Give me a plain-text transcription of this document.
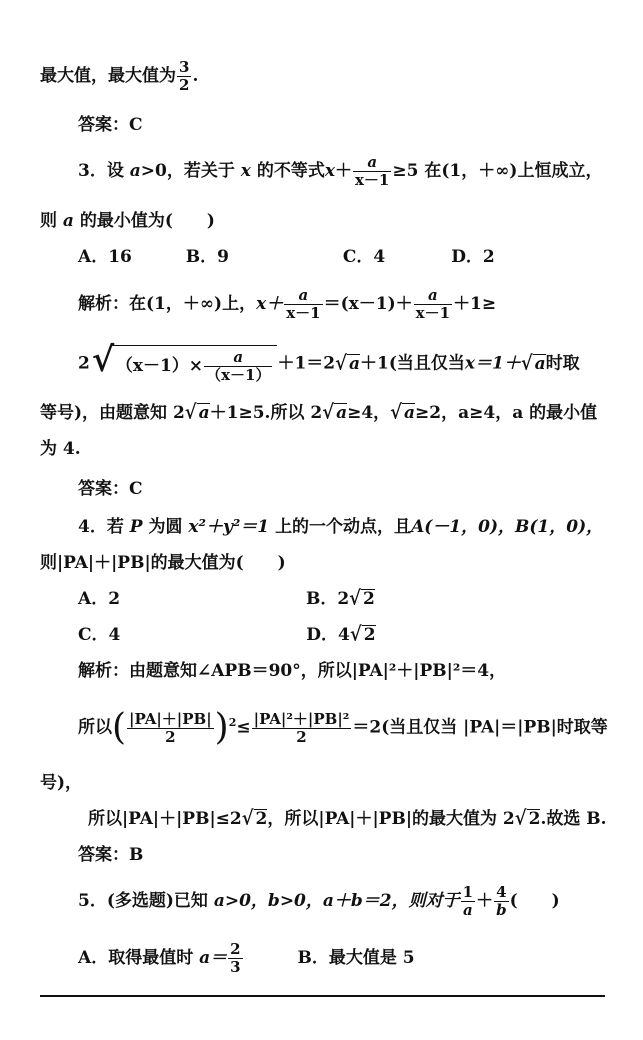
最大值，最大值为 $\frac{3}{2}$ .
答案：C
3．设 a>0，若关于 x 的不等式$x+ \frac{a}{x-1} \ge 5$ 在(1，＋∞)上恒成立，
则 a 的最小值为(　　)
A．16	B．9	C．4	D．2
解析：在(1，＋∞)上，$x+ \frac{a}{x-1} =(x-1)+ \frac{a}{x-1} +1\ge$
2√ $(x-1)\times \frac{a}{(x-1)} +1=2√$ a＋1(当且仅当x＝1＋√ a时取
等号)，由题意知 2√ a＋1≥5.所以 2√ a≥4，√ a≥2，a≥4，a 的最小值
为 4.
答案：C
4．若 P 为圆 x²＋y²＝1 上的一个动点，且A(－1，0)，B(1，0)，
则|PA|＋|PB|的最大值为(　　)
A．2	B．2√ 2
C．4	D．4√ 2
解析：由题意知∠APB＝90°，所以|PA|²＋|PB|²＝4，
所以( $\frac{|PA|+|PB|}{2} )^2\le \frac{\text{|PA|²＋|PB|²}}{2} =2$(当且仅当 |PA|＝|PB|时取等
号)，
所以|PA|＋|PB|≤2√ 2，所以|PA|＋|PB|的最大值为 2√ 2.故选 B.
答案：B
5．(多选题)已知 a>0，b>0，a＋b＝2，则对于 $\frac{1}{a} + \frac{4}{b}$ (　　)
A．取得最值时 $a= \frac{2}{3}$	B．最大值是 5
